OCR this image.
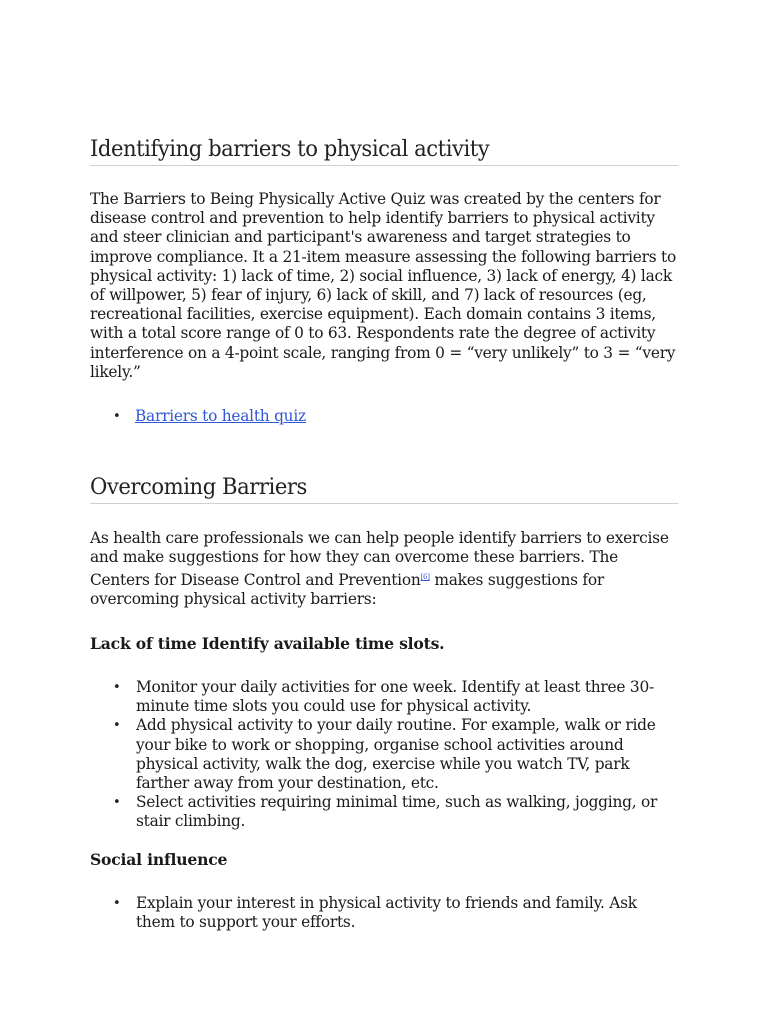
Identifying barriers to physical activity

The Barriers to Being Physically Active Quiz was created by the centers for disease control and prevention to help identify barriers to physical activity and steer clinician and participant's awareness and target strategies to improve compliance. It a 21-item measure assessing the following barriers to physical activity: 1) lack of time, 2) social influence, 3) lack of energy, 4) lack of willpower, 5) fear of injury, 6) lack of skill, and 7) lack of resources (eg, recreational facilities, exercise equipment). Each domain contains 3 items, with a total score range of 0 to 63. Respondents rate the degree of activity interference on a 4-point scale, ranging from 0 = “very unlikely” to 3 = “very likely.”

• Barriers to health quiz
Overcoming Barriers

As health care professionals we can help people identify barriers to exercise and make suggestions for how they can overcome these barriers. The Centers for Disease Control and Prevention[6] makes suggestions for overcoming physical activity barriers:

Lack of time Identify available time slots.
• Monitor your daily activities for one week. Identify at least three 30-minute time slots you could use for physical activity.
• Add physical activity to your daily routine. For example, walk or ride your bike to work or shopping, organise school activities around physical activity, walk the dog, exercise while you watch TV, park farther away from your destination, etc.
• Select activities requiring minimal time, such as walking, jogging, or stair climbing.
Social influence
• Explain your interest in physical activity to friends and family. Ask them to support your efforts.
